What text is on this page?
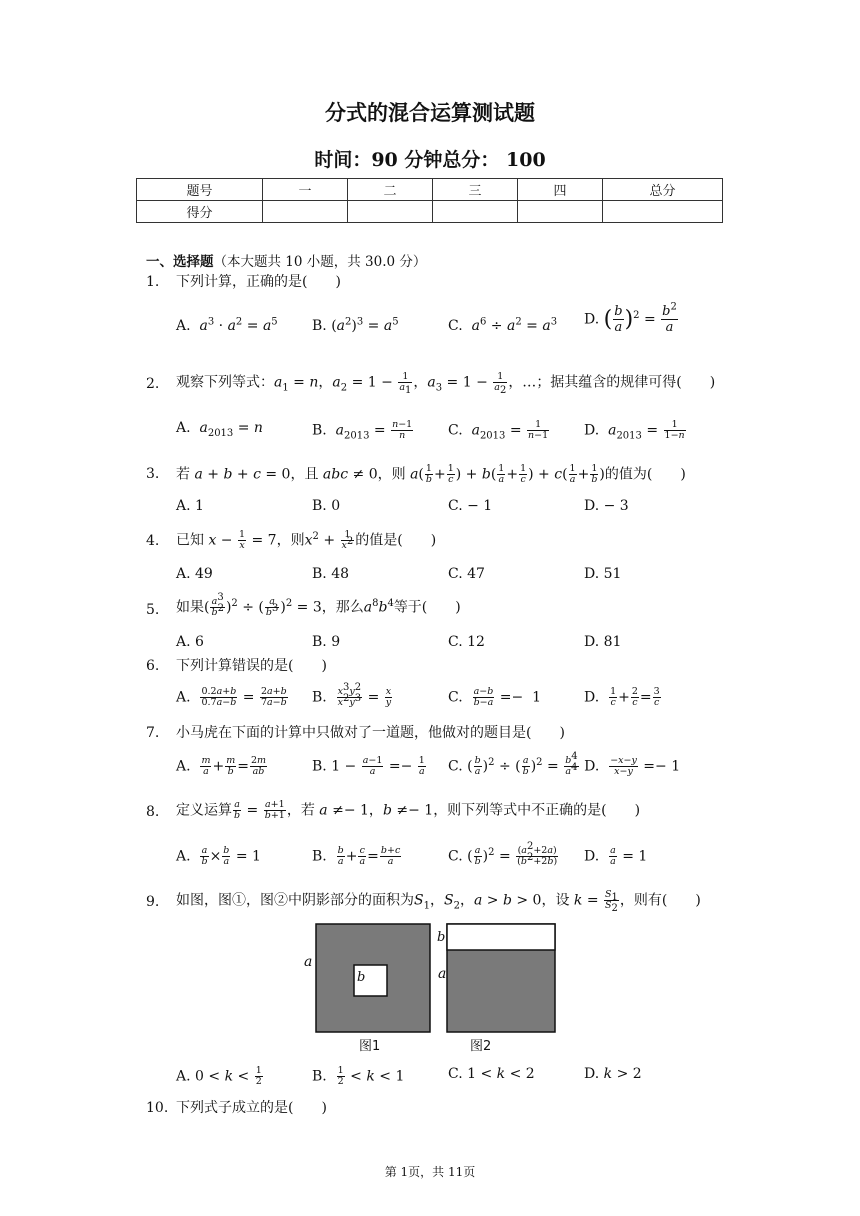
分式的混合运算测试题
时间：90 分钟总分： 100
题号	一	二	三	四	总分
得分					
一、选择题（本大题共 10 小题，共 30.0 分）
1. 下列计算，正确的是(　　)
A.  $a^3 \cdot a^2 = a^5$ B. $(a^2)^3 = a^5$	C.  $a^6 \div a^2 = a^3$ D. ( $\frac{b}{a} )^2 = \frac{b^2}{a}$
2. 观察下列等式：$a_1 = n$，$a_2 = 1 - \frac{1}{a_1}$ ，$a_3 = 1 - \frac{1}{a_2}$ ，…；据其蕴含的规律可得(　　)
A.  $a_{2013} = n$	B.  $a_{2013} = \frac{n-1}{n} C$.  $a_{2013} = \frac{1}{n-1} D$.  $a_{2013} = \frac{1}{1-n}$
3. 若 a + b + c = 0，且 abc ≠ 0，则 $a( \frac{1}{b} + \frac{1}{c}$ ) + $b( \frac{1}{a} + \frac{1}{c}$ ) + $c( \frac{1}{a} + \frac{1}{b}$ )的值为(　　)
A. 1	B. 0	C. − 1	D. − 3
4. 已知 $x - \frac{1}{x} = 7$，则$x^2 + \frac{1}{x^2}$ 的值是(　　)
A. 49	B. 48	C. 47	D. 51
5. 如果( $\frac{a^3}{b^2} )^2$ ÷ ( $\frac{a}{b^3} )^2 = 3$，那么$a^8b^4$等于(　　)
A. 6	B. 9	C. 12	D. 81
6. 下列计算错误的是(　　)
A. $\frac{0.2a+b}{0.7a-b} = \frac{2a+b}{7a-b} B$. $\frac{x^3y^2}{x^2y^3} = \frac{x}{y}$	C. $\frac{a-b}{b-a} =- 1$	D. $\frac{1}{c} + \frac{2}{c} = \frac{3}{c}$
7. 小马虎在下面的计算中只做对了一道题，他做对的题目是(　　)
A. $\frac{m}{a} + \frac{m}{b} = \frac{2m}{ab}$	B. $1 - \frac{a-1}{a} =- \frac{1}{a} C$. ( $\frac{b}{a} )^2$ ÷ ( $\frac{a}{b} )^2 = \frac{b^4}{a^4} D$. $\frac{-x-y}{x-y} =- 1$
8. 定义运算 $\frac{a}{b} = \frac{a+1}{b+1}$ ，若 a ≠− 1，b ≠− 1，则下列等式中不正确的是(　　)
A. $\frac{a}{b} \times \frac{b}{a} = 1$	B. $\frac{b}{a} + \frac{c}{a} = \frac{b+c}{a}$	C. ( $\frac{a}{b} )^2 = \frac{(a^2+2a)}{(b^2+2b)} D$. $\frac{a}{a} = 1$
9. 如图，图①，图②中阴影部分的面积为$S_1$，$S_2$，a > b > 0，设 $k = \frac{S_1}{S_2}$ ，则有(　　)
a
b
b
a
图1	图2
A. $0 < k < \frac{1}{2}$	B. $\frac{1}{2} < k < 1$	C. 1 < k < 2	D. k > 2
10. 下列式子成立的是(　　)
第 1页，共 11页
